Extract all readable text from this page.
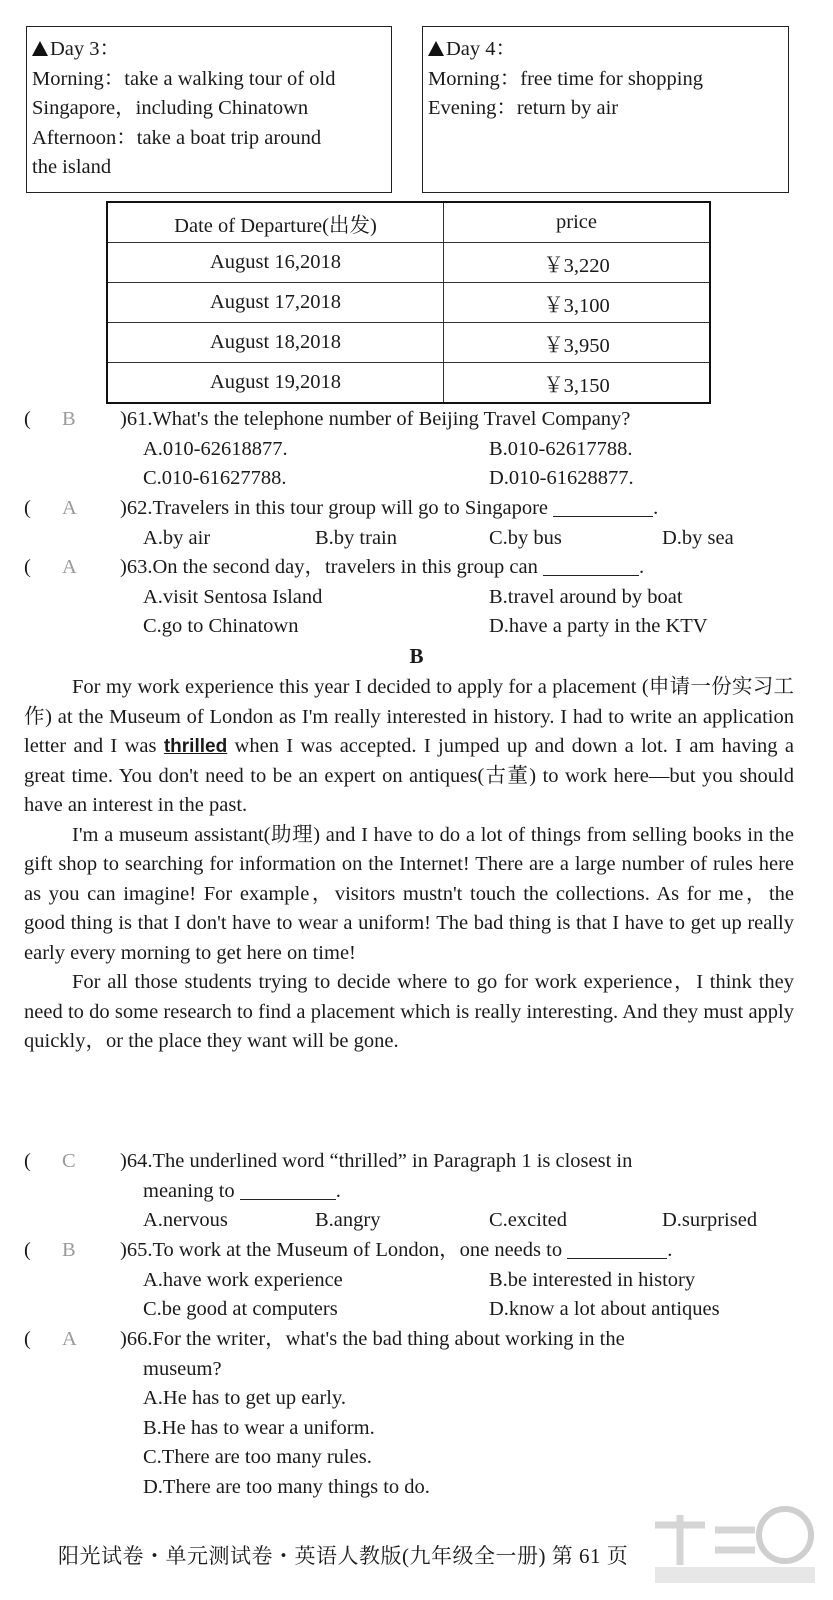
Day 3：
Morning：take a walking tour of old
Singapore，including Chinatown
Afternoon：take a boat trip around
the island
Day 4：
Morning：free time for shopping
Evening：return by air
Date of Departure(出发)	price
August 16,2018	￥3,220
August 17,2018	￥3,100
August 18,2018	￥3,950
August 19,2018	￥3,150
( B )61.What's the telephone number of Beijing Travel Company?
A.010-62618877.	B.010-62617788.
C.010-61627788.	D.010-61628877.
( A )62.Travelers in this tour group will go to Singapore	.
A.by air	B.by train	C.by bus	D.by sea
( A )63.On the second day，travelers in this group can	.
A.visit Sentosa Island	B.travel around by boat
C.go to Chinatown	D.have a party in the KTV
B

For my work experience this year I decided to apply for a placement (申请一份实习工作) at the Museum of London as I'm really interested in history. I had to write an application letter and I was thrilled when I was accepted. I jumped up and down a lot. I am having a great time. You don't need to be an expert on antiques(古董) to work here—but you should have an interest in the past.

I'm a museum assistant(助理) and I have to do a lot of things from selling books in the gift shop to searching for information on the Internet! There are a large number of rules here as you can imagine! For example，visitors mustn't touch the collections. As for me，the good thing is that I don't have to wear a uniform! The bad thing is that I have to get up really early every morning to get here on time!

For all those students trying to decide where to go for work experience，I think they need to do some research to find a placement which is really interesting. And they must apply quickly，or the place they want will be gone.

( C )64.The underlined word “thrilled” in Paragraph 1 is closest in
meaning to	.
A.nervous	B.angry	C.excited	D.surprised
( B )65.To work at the Museum of London，one needs to	.
A.have work experience	B.be interested in history
C.be good at computers	D.know a lot about antiques
( A )66.For the writer，what's the bad thing about working in the
museum?
A.He has to get up early.
B.He has to wear a uniform.
C.There are too many rules.
D.There are too many things to do.
阳光试卷・单元测试卷・英语人教版(九年级全一册) 第 61 页
